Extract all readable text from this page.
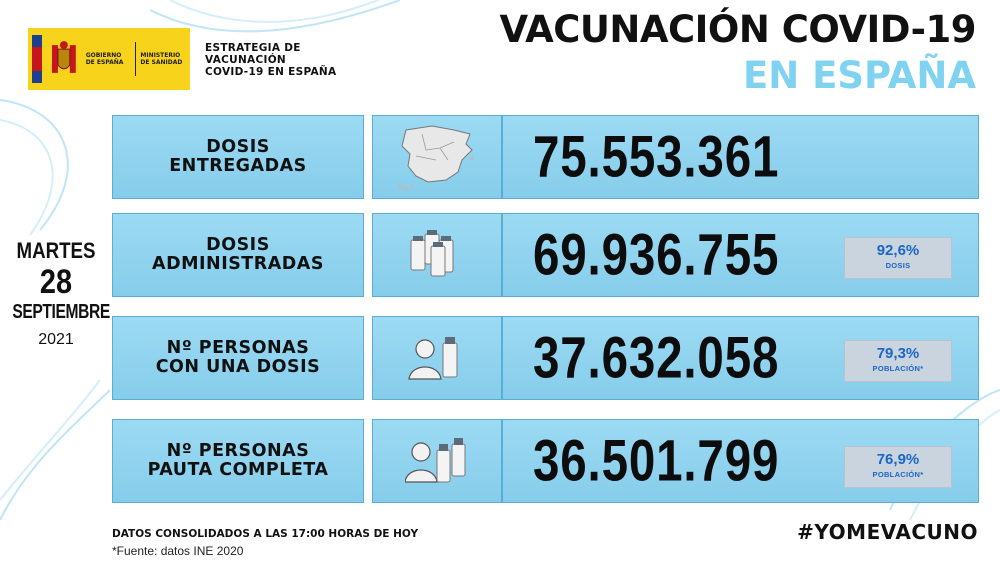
GOBIERNO DE ESPAÑA
MINISTERIO DE SANIDAD
ESTRATEGIA DE
VACUNACIÓN
COVID-19 EN ESPAÑA
VACUNACIÓN COVID-19
EN ESPAÑA
MARTES
28
SEPTIEMBRE
2021
DOSIS
ENTREGADAS	75.553.361
DOSIS
ADMINISTRADAS	69.936.755	92,6%
DOSIS
Nº PERSONAS
CON UNA DOSIS	37.632.058	79,3%
POBLACIÓN*
Nº PERSONAS
PAUTA COMPLETA	36.501.799	76,9%
POBLACIÓN*
DATOS CONSOLIDADOS A LAS 17:00 HORAS DE HOY
*Fuente: datos INE 2020
#YOMEVACUNO
